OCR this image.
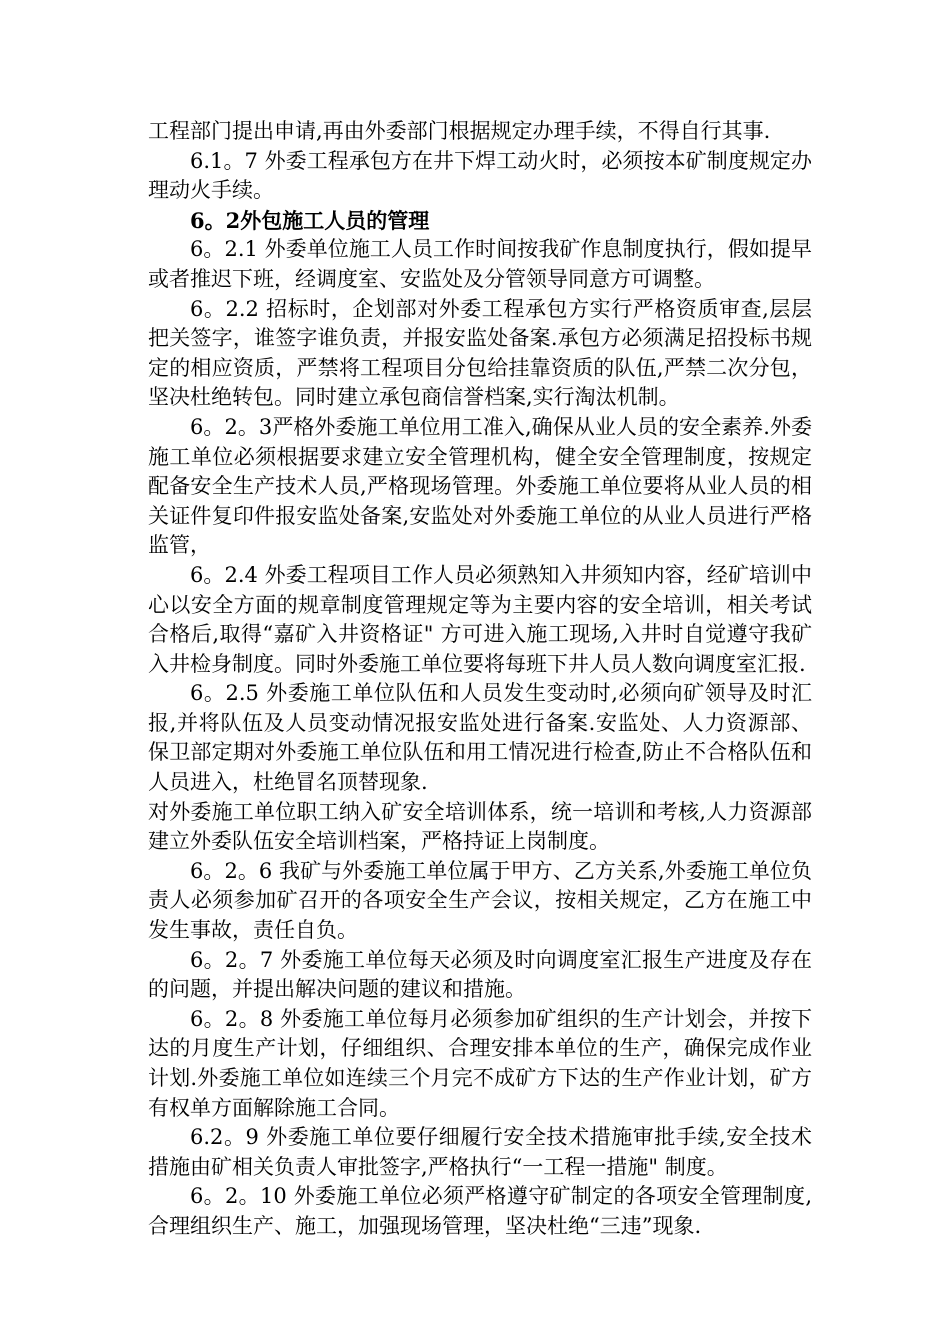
工程部门提出申请,再由外委部门根据规定办理手续，不得自行其事.

6.1。7 外委工程承包方在井下焊工动火时，必须按本矿制度规定办理动火手续。

6。2外包施工人员的管理

6。2.1 外委单位施工人员工作时间按我矿作息制度执行，假如提早或者推迟下班，经调度室、安监处及分管领导同意方可调整。

6。2.2 招标时，企划部对外委工程承包方实行严格资质审查,层层把关签字，谁签字谁负责，并报安监处备案.承包方必须满足招投标书规定的相应资质，严禁将工程项目分包给挂靠资质的队伍,严禁二次分包，坚决杜绝转包。同时建立承包商信誉档案,实行淘汰机制。

6。2。3严格外委施工单位用工准入,确保从业人员的安全素养.外委施工单位必须根据要求建立安全管理机构，健全安全管理制度，按规定配备安全生产技术人员,严格现场管理。外委施工单位要将从业人员的相关证件复印件报安监处备案,安监处对外委施工单位的从业人员进行严格监管，

6。2.4 外委工程项目工作人员必须熟知入井须知内容，经矿培训中心以安全方面的规章制度管理规定等为主要内容的安全培训，相关考试合格后,取得“嘉矿入井资格证" 方可进入施工现场,入井时自觉遵守我矿入井检身制度。同时外委施工单位要将每班下井人员人数向调度室汇报.

6。2.5 外委施工单位队伍和人员发生变动时,必须向矿领导及时汇报,并将队伍及人员变动情况报安监处进行备案.安监处、人力资源部、保卫部定期对外委施工单位队伍和用工情况进行检查,防止不合格队伍和人员进入，杜绝冒名顶替现象.

对外委施工单位职工纳入矿安全培训体系，统一培训和考核,人力资源部建立外委队伍安全培训档案，严格持证上岗制度。

6。2。6 我矿与外委施工单位属于甲方、乙方关系,外委施工单位负责人必须参加矿召开的各项安全生产会议，按相关规定，乙方在施工中发生事故，责任自负。

6。2。7 外委施工单位每天必须及时向调度室汇报生产进度及存在的问题，并提出解决问题的建议和措施。

6。2。8 外委施工单位每月必须参加矿组织的生产计划会，并按下达的月度生产计划，仔细组织、合理安排本单位的生产，确保完成作业计划.外委施工单位如连续三个月完不成矿方下达的生产作业计划，矿方有权单方面解除施工合同。

6.2。9 外委施工单位要仔细履行安全技术措施审批手续,安全技术措施由矿相关负责人审批签字,严格执行“一工程一措施" 制度。

6。2。10 外委施工单位必须严格遵守矿制定的各项安全管理制度,合理组织生产、施工，加强现场管理，坚决杜绝“三违”现象.
